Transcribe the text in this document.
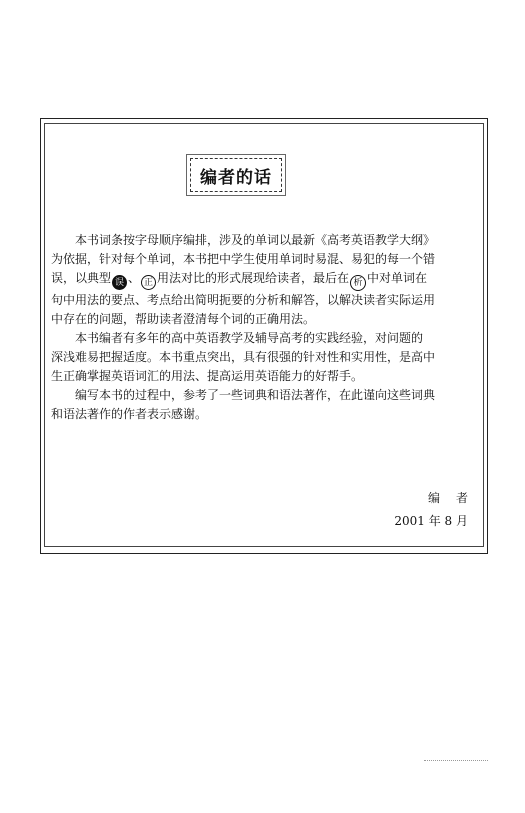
编者的话

本书词条按字母顺序编排，涉及的单词以最新《高考英语教学大纲》
为依据，针对每个单词，本书把中学生使用单词时易混、易犯的每一个错
误，以典型 误 、 正 用法对比的形式展现给读者，最后在 析 中对单词在
句中用法的要点、考点给出简明扼要的分析和解答，以解决读者实际运用
中存在的问题，帮助读者澄清每个词的正确用法。

本书编者有多年的高中英语教学及辅导高考的实践经验，对问题的
深浅难易把握适度。本书重点突出，具有很强的针对性和实用性，是高中
生正确掌握英语词汇的用法、提高运用英语能力的好帮手。

编写本书的过程中，参考了一些词典和语法著作，在此谨向这些词典
和语法著作的作者表示感谢。

编者
2001 年 8 月
